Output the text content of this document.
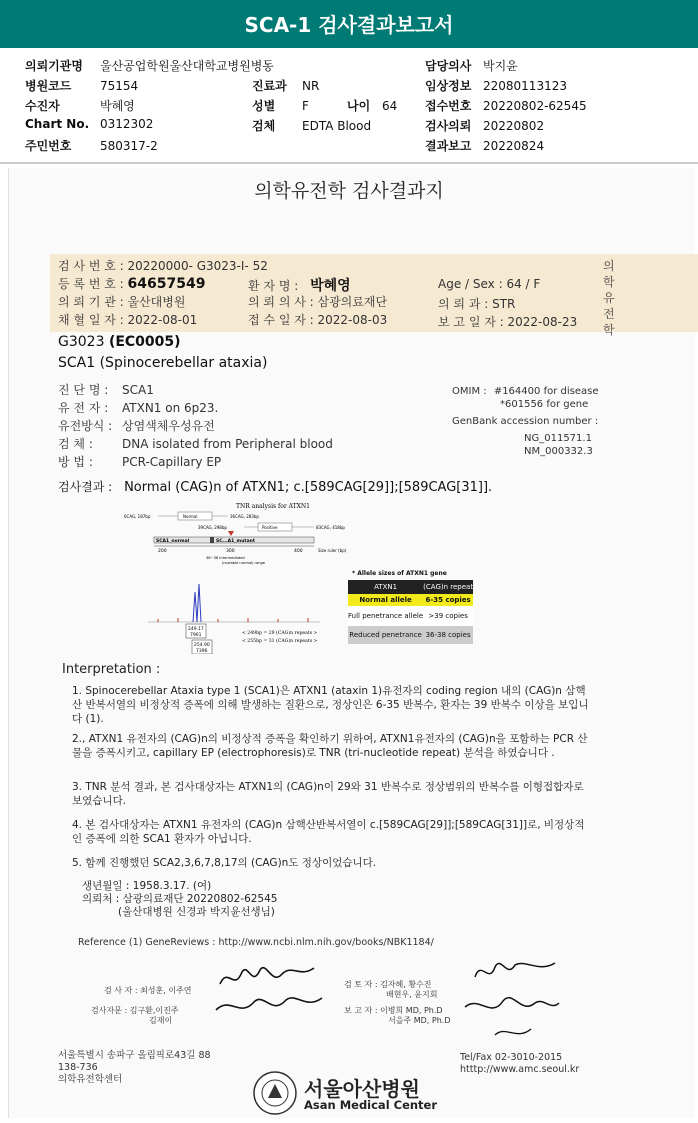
SCA-1 검사결과보고서
의뢰기관명 울산공업학원울산대학교병원병동
병원코드 75154
수진자	박혜영
Chart No. 0312302
주민번호 580317-2
진료과 NR
성별 F	나이 64
검체 EDTA Blood
담당의사 박지윤
임상정보 22080113123
접수번호 20220802-62545
검사의뢰 20220802
결과보고 20220824
의학유전학 검사결과지
의학유전학
검 사 번 호 : 20220000- G3023-I- 52
등 록 번 호 : 64657549	환 자 명 : 박혜영	Age / Sex : 64 / F
의 뢰 기 관 : 울산대병원	의 뢰 의 사 : 삼광의료재단	의 뢰 과 : STR
채 혈 일 자 : 2022-08-01	접 수 일 자 : 2022-08-03	보 고 일 자 : 2022-08-23
G3023 (EC0005)
SCA1 (Spinocerebellar ataxia)
진 단 명 : SCA1
유 전 자 : ATXN1 on 6p23.
유전방식 : 상염색체우성유전
검 체 : DNA isolated from Peripheral blood
방 법 : PCR-Capillary EP
OMIM : #164400 for disease
*601556 for gene
GenBank accession number :
NG_011571.1
NM_000332.3
검사결과 : Normal (CAG)n of ATXN1; c.[589CAG[29]];[589CAG[31]].
TNR analysis for ATXN1
6CAG, 187bp	Normal	36CAG, 283bp
39CAG, 298bp	Positive	83CAG, 418bp
SCA1_normal	SC...A1_mutant
200	300	400	Size ruler (bp)
36~38 intermediated
(mutable normal) range
249.17
7961
254.90
7396
< 249bp = 29 (CAG)n repeats >
< 255bp = 31 (CAG)n repeats >
* Allele sizes of ATXN1 gene
ATXN1	(CAG)n repeat
Normal allele	6-35 copies
Full penetrance allele	>39 copies
Reduced penetrance	36-38 copies
Interpretation :
1. Spinocerebellar Ataxia type 1 (SCA1)은 ATXN1 (ataxin 1)유전자의 coding region 내의 (CAG)n 삼핵산 반복서열의 비정상적 증폭에 의해 발생하는 질환으로, 정상인은 6-35 반복수, 환자는 39 반복수 이상을 보입니다 (1).
2., ATXN1 유전자의 (CAG)n의 비정상적 증폭을 확인하기 위하여, ATXN1유전자의 (CAG)n을 포함하는 PCR 산물을 증폭시키고, capillary EP (electrophoresis)로 TNR (tri-nucleotide repeat) 분석을 하였습니다 .
3. TNR 분석 결과, 본 검사대상자는 ATXN1의 (CAG)n이 29와 31 반복수로 정상범위의 반복수를 이형접합자로 보였습니다.
4. 본 검사대상자는 ATXN1 유전자의 (CAG)n 삼핵산반복서열이 c.[589CAG[29]];[589CAG[31]]로, 비정상적인 증폭에 의한 SCA1 환자가 아닙니다.
5. 함께 진행했던 SCA2,3,6,7,8,17의 (CAG)n도 정상이었습니다.
생년월일 : 1958.3.17. (여)
의뢰처 : 삼광의료재단 20220802-62545
(울산대병원 신경과 박지윤선생님)
Reference (1) GeneReviews : http://www.ncbi.nlm.nih.gov/books/NBK1184/
검 사 자 : 최성훈, 이주연
검사자문 : 김구환,이진주
김재이
검 토 자 : 김자혜, 황수진
배현우, 윤지회
보 고 자 : 이병희 MD, Ph.D
서을주 MD, Ph.D
서울특별시 송파구 올림픽로43길 88
138-736
의학유전학센터
Tel/Fax 02-3010-2015
htttp://www.amc.seoul.kr
서울아산병원
Asan Medical Center
